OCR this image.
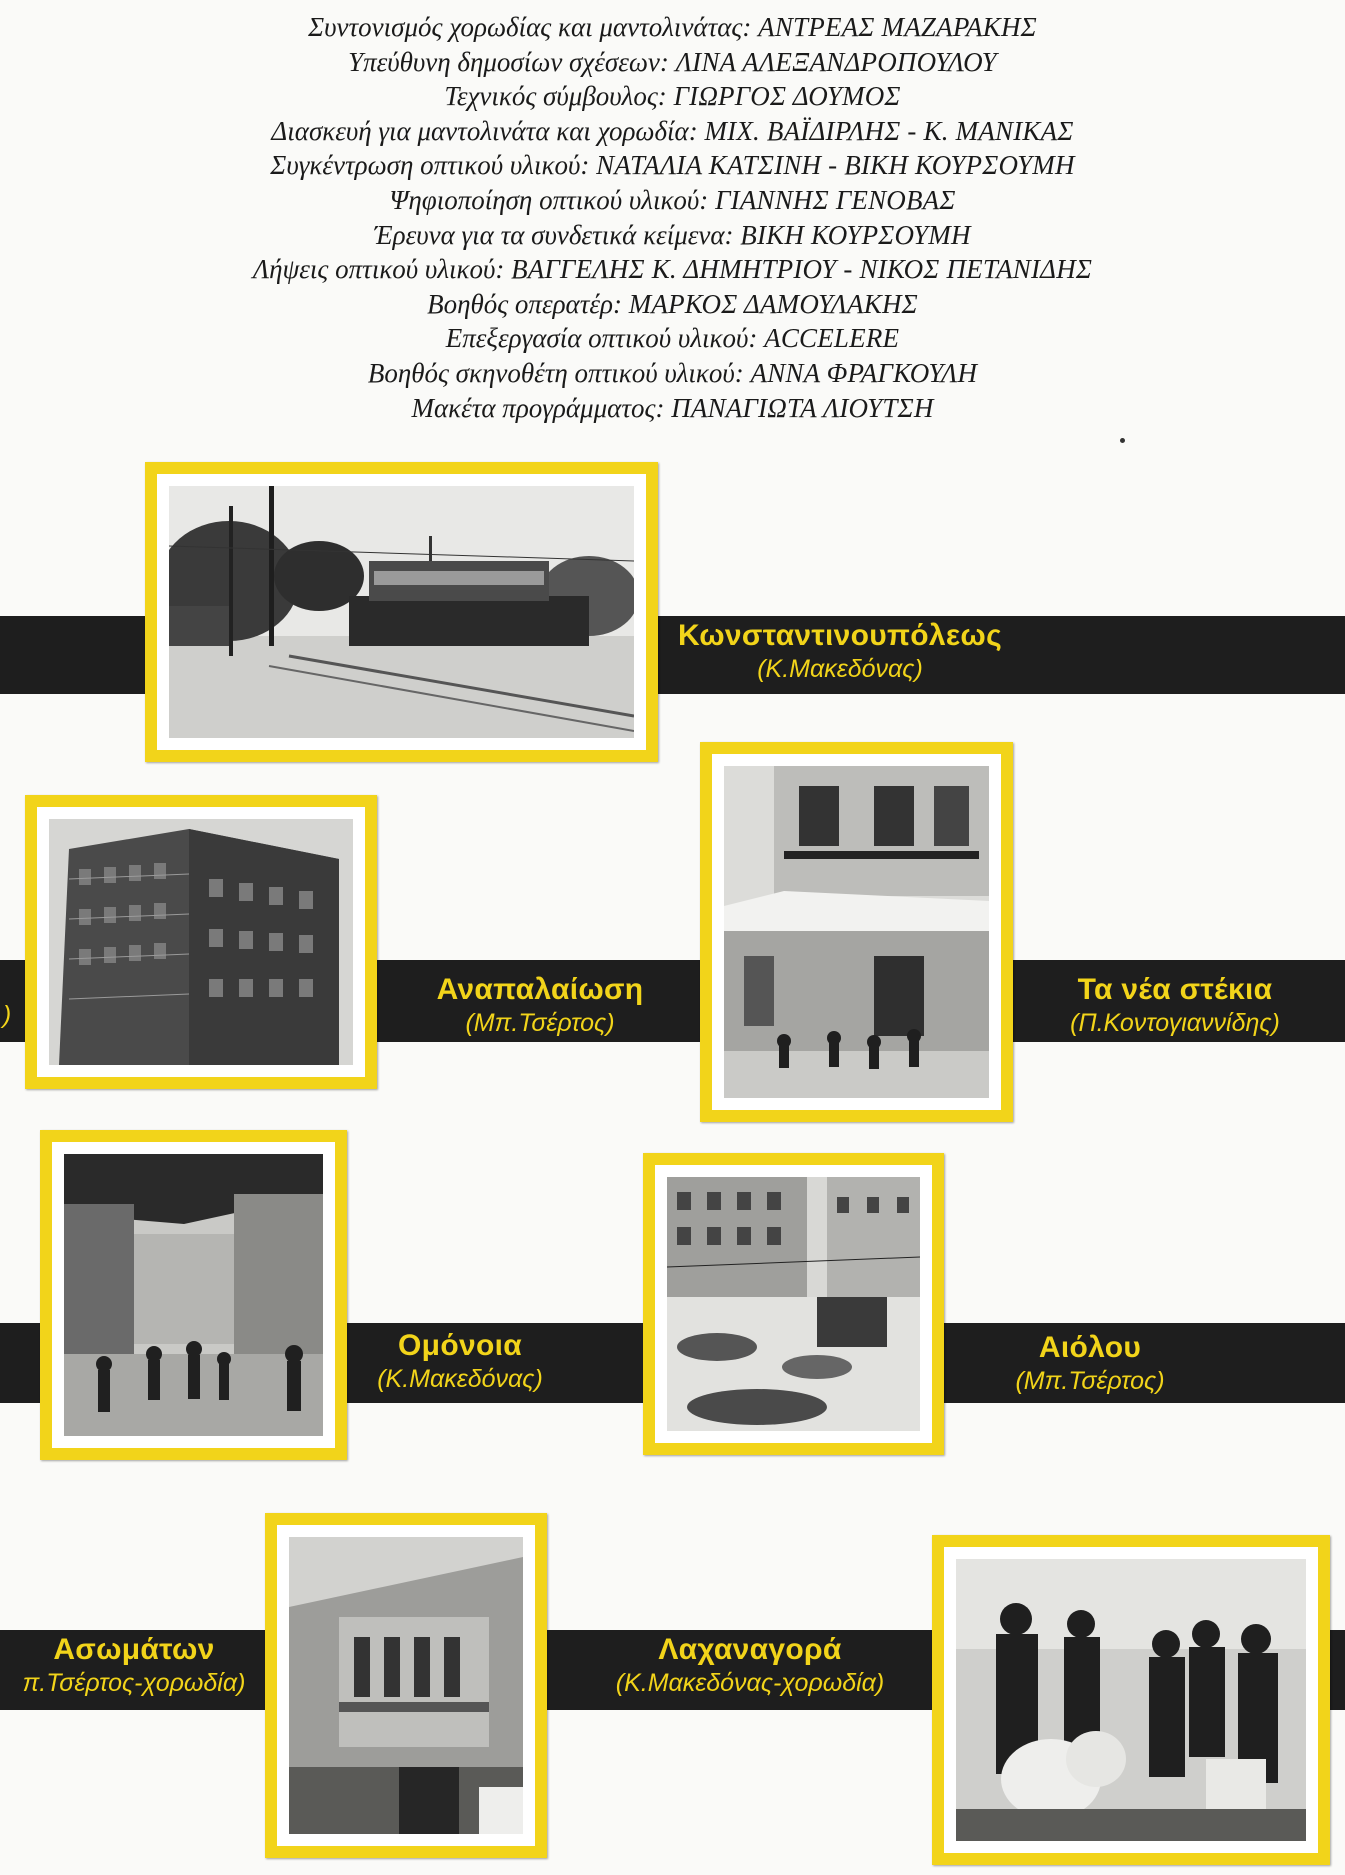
Συντονισμός χορωδίας και μαντολινάτας: ΑΝΤΡΕΑΣ ΜΑΖΑΡΑΚΗΣ
Υπεύθυνη δημοσίων σχέσεων: ΛΙΝΑ ΑΛΕΞΑΝΔΡΟΠΟΥΛΟΥ
Τεχνικός σύμβουλος: ΓΙΩΡΓΟΣ ΔΟΥΜΟΣ
Διασκευή για μαντολινάτα και χορωδία: ΜΙΧ. ΒΑΪΔΙΡΛΗΣ - Κ. ΜΑΝΙΚΑΣ
Συγκέντρωση οπτικού υλικού: ΝΑΤΑΛΙΑ ΚΑΤΣΙΝΗ - ΒΙΚΗ ΚΟΥΡΣΟΥΜΗ
Ψηφιοποίηση οπτικού υλικού: ΓΙΑΝΝΗΣ ΓΕΝΟΒΑΣ
Έρευνα για τα συνδετικά κείμενα: ΒΙΚΗ ΚΟΥΡΣΟΥΜΗ
Λήψεις οπτικού υλικού: ΒΑΓΓΕΛΗΣ Κ. ΔΗΜΗΤΡΙΟΥ - ΝΙΚΟΣ ΠΕΤΑΝΙΔΗΣ
Βοηθός οπερατέρ: ΜΑΡΚΟΣ ΔΑΜΟΥΛΑΚΗΣ
Επεξεργασία οπτικού υλικού: ACCELERE
Βοηθός σκηνοθέτη οπτικού υλικού: ΑΝΝΑ ΦΡΑΓΚΟΥΛΗ
Μακέτα προγράμματος: ΠΑΝΑΓΙΩΤΑ ΛΙΟΥΤΣΗ
Κωνσταντινουπόλεως
(Κ.Μακεδόνας)
)
Αναπαλαίωση
(Μπ.Τσέρτος)
Τα νέα στέκια
(Π.Κοντογιαννίδης)
Ομόνοια
(Κ.Μακεδόνας)
Αιόλου
(Μπ.Τσέρτος)
Ασωμάτων
π.Τσέρτος-χορωδία)
Λαχαναγορά
(Κ.Μακεδόνας-χορωδία)
